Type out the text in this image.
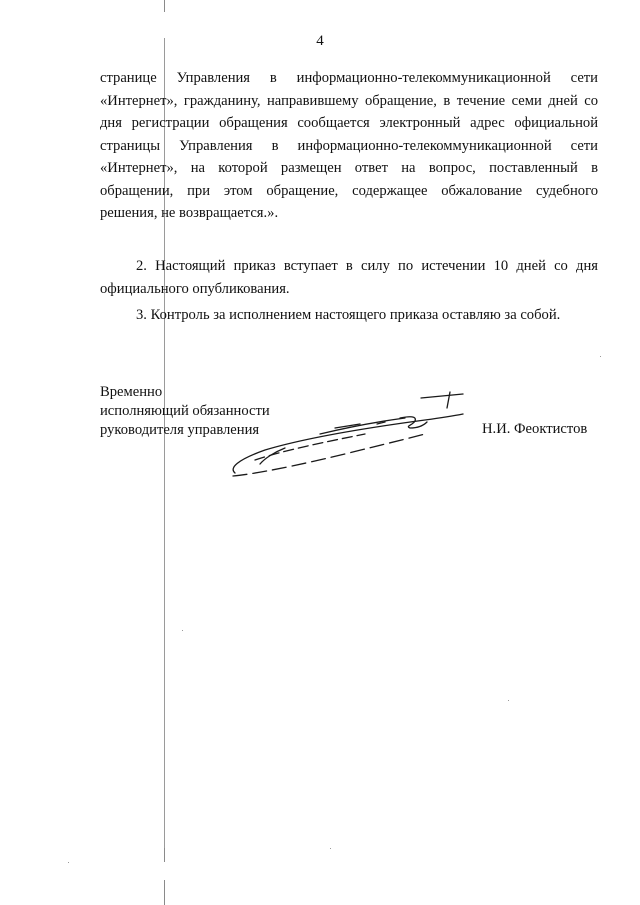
4
странице Управления в информационно-телекоммуникационной сети
«Интернет», гражданину, направившему обращение, в течение семи дней со
дня регистрации обращения сообщается электронный адрес официальной
страницы Управления в информационно-телекоммуникационной сети
«Интернет», на которой размещен ответ на вопрос, поставленный в
обращении, при этом обращение, содержащее обжалование судебного
решения, не возвращается.».
2. Настоящий приказ вступает в силу по истечении 10 дней со дня
официального опубликования.
3. Контроль за исполнением настоящего приказа оставляю за собой.
Временно
исполняющий обязанности
руководителя управления	Н.И. Феоктистов
